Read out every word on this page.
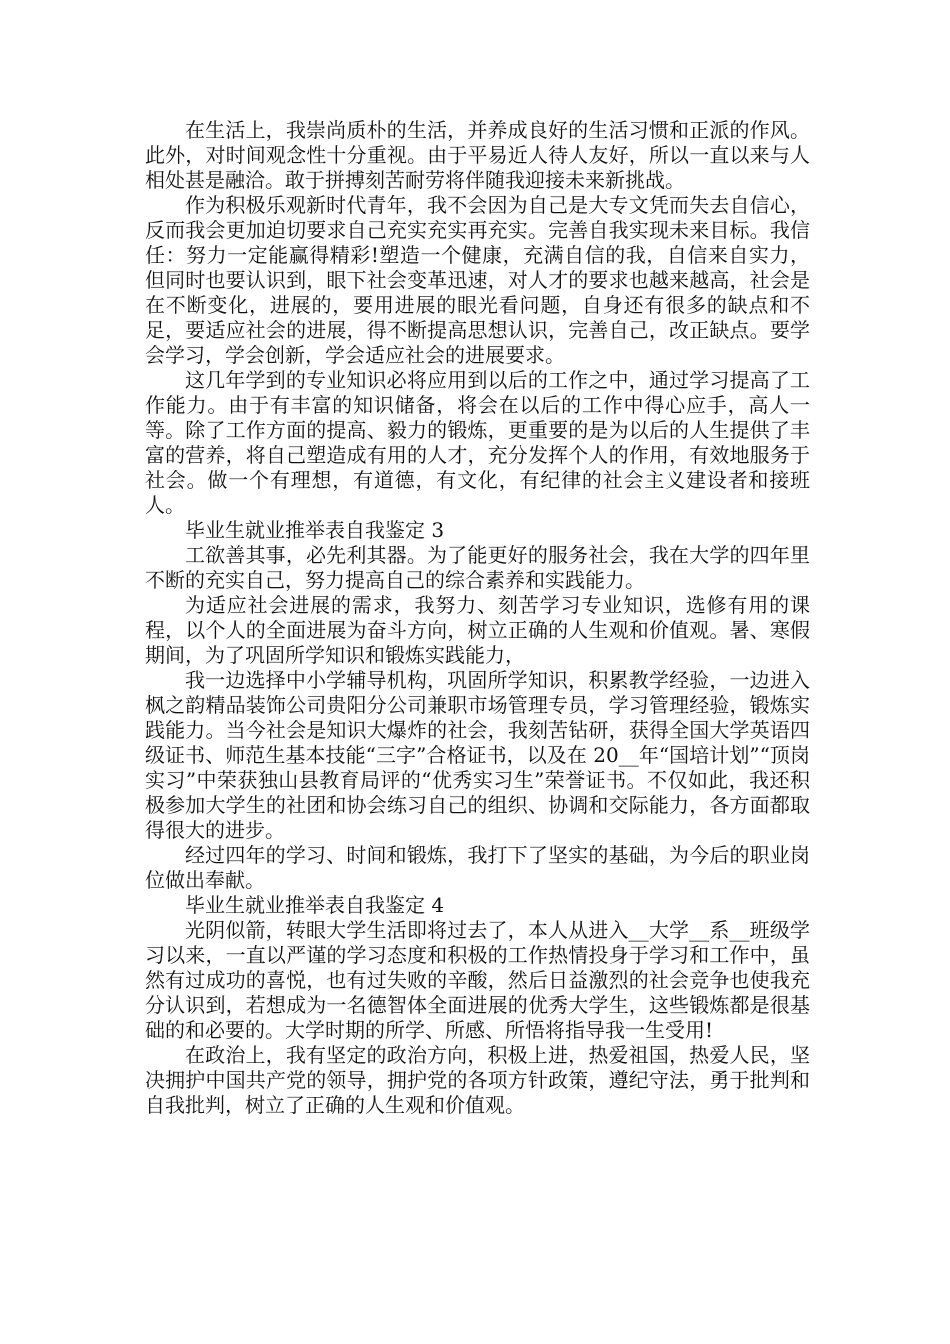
在生活上，我崇尚质朴的生活，并养成良好的生活习惯和正派的作风。此外，对时间观念性十分重视。由于平易近人待人友好，所以一直以来与人相处甚是融洽。敢于拼搏刻苦耐劳将伴随我迎接未来新挑战。

作为积极乐观新时代青年，我不会因为自己是大专文凭而失去自信心，反而我会更加迫切要求自己充实充实再充实。完善自我实现未来目标。我信任：努力一定能赢得精彩!塑造一个健康，充满自信的我，自信来自实力，但同时也要认识到，眼下社会变革迅速，对人才的要求也越来越高，社会是在不断变化，进展的，要用进展的眼光看问题，自身还有很多的缺点和不足，要适应社会的进展，得不断提高思想认识，完善自己，改正缺点。要学会学习，学会创新，学会适应社会的进展要求。

这几年学到的专业知识必将应用到以后的工作之中，通过学习提高了工作能力。由于有丰富的知识储备，将会在以后的工作中得心应手，高人一等。除了工作方面的提高、毅力的锻炼，更重要的是为以后的人生提供了丰富的营养，将自己塑造成有用的人才，充分发挥个人的作用，有效地服务于社会。做一个有理想，有道德，有文化，有纪律的社会主义建设者和接班人。

毕业生就业推举表自我鉴定 3

工欲善其事，必先利其器。为了能更好的服务社会，我在大学的四年里不断的充实自己，努力提高自己的综合素养和实践能力。

为适应社会进展的需求，我努力、刻苦学习专业知识，选修有用的课程，以个人的全面进展为奋斗方向，树立正确的人生观和价值观。暑、寒假期间，为了巩固所学知识和锻炼实践能力，

我一边选择中小学辅导机构，巩固所学知识，积累教学经验，一边进入枫之韵精品装饰公司贵阳分公司兼职市场管理专员，学习管理经验，锻炼实践能力。当今社会是知识大爆炸的社会，我刻苦钻研，获得全国大学英语四级证书、师范生基本技能“三字”合格证书，以及在 20__年“国培计划”“顶岗实习”中荣获独山县教育局评的“优秀实习生”荣誉证书。不仅如此，我还积极参加大学生的社团和协会练习自己的组织、协调和交际能力，各方面都取得很大的进步。

经过四年的学习、时间和锻炼，我打下了坚实的基础，为今后的职业岗位做出奉献。

毕业生就业推举表自我鉴定 4

光阴似箭，转眼大学生活即将过去了，本人从进入__大学__系__班级学习以来，一直以严谨的学习态度和积极的工作热情投身于学习和工作中，虽然有过成功的喜悦，也有过失败的辛酸，然后日益激烈的社会竞争也使我充分认识到，若想成为一名德智体全面进展的优秀大学生，这些锻炼都是很基础的和必要的。大学时期的所学、所感、所悟将指导我一生受用!

在政治上，我有坚定的政治方向，积极上进，热爱祖国，热爱人民，坚决拥护中国共产党的领导，拥护党的各项方针政策，遵纪守法，勇于批判和自我批判，树立了正确的人生观和价值观。
